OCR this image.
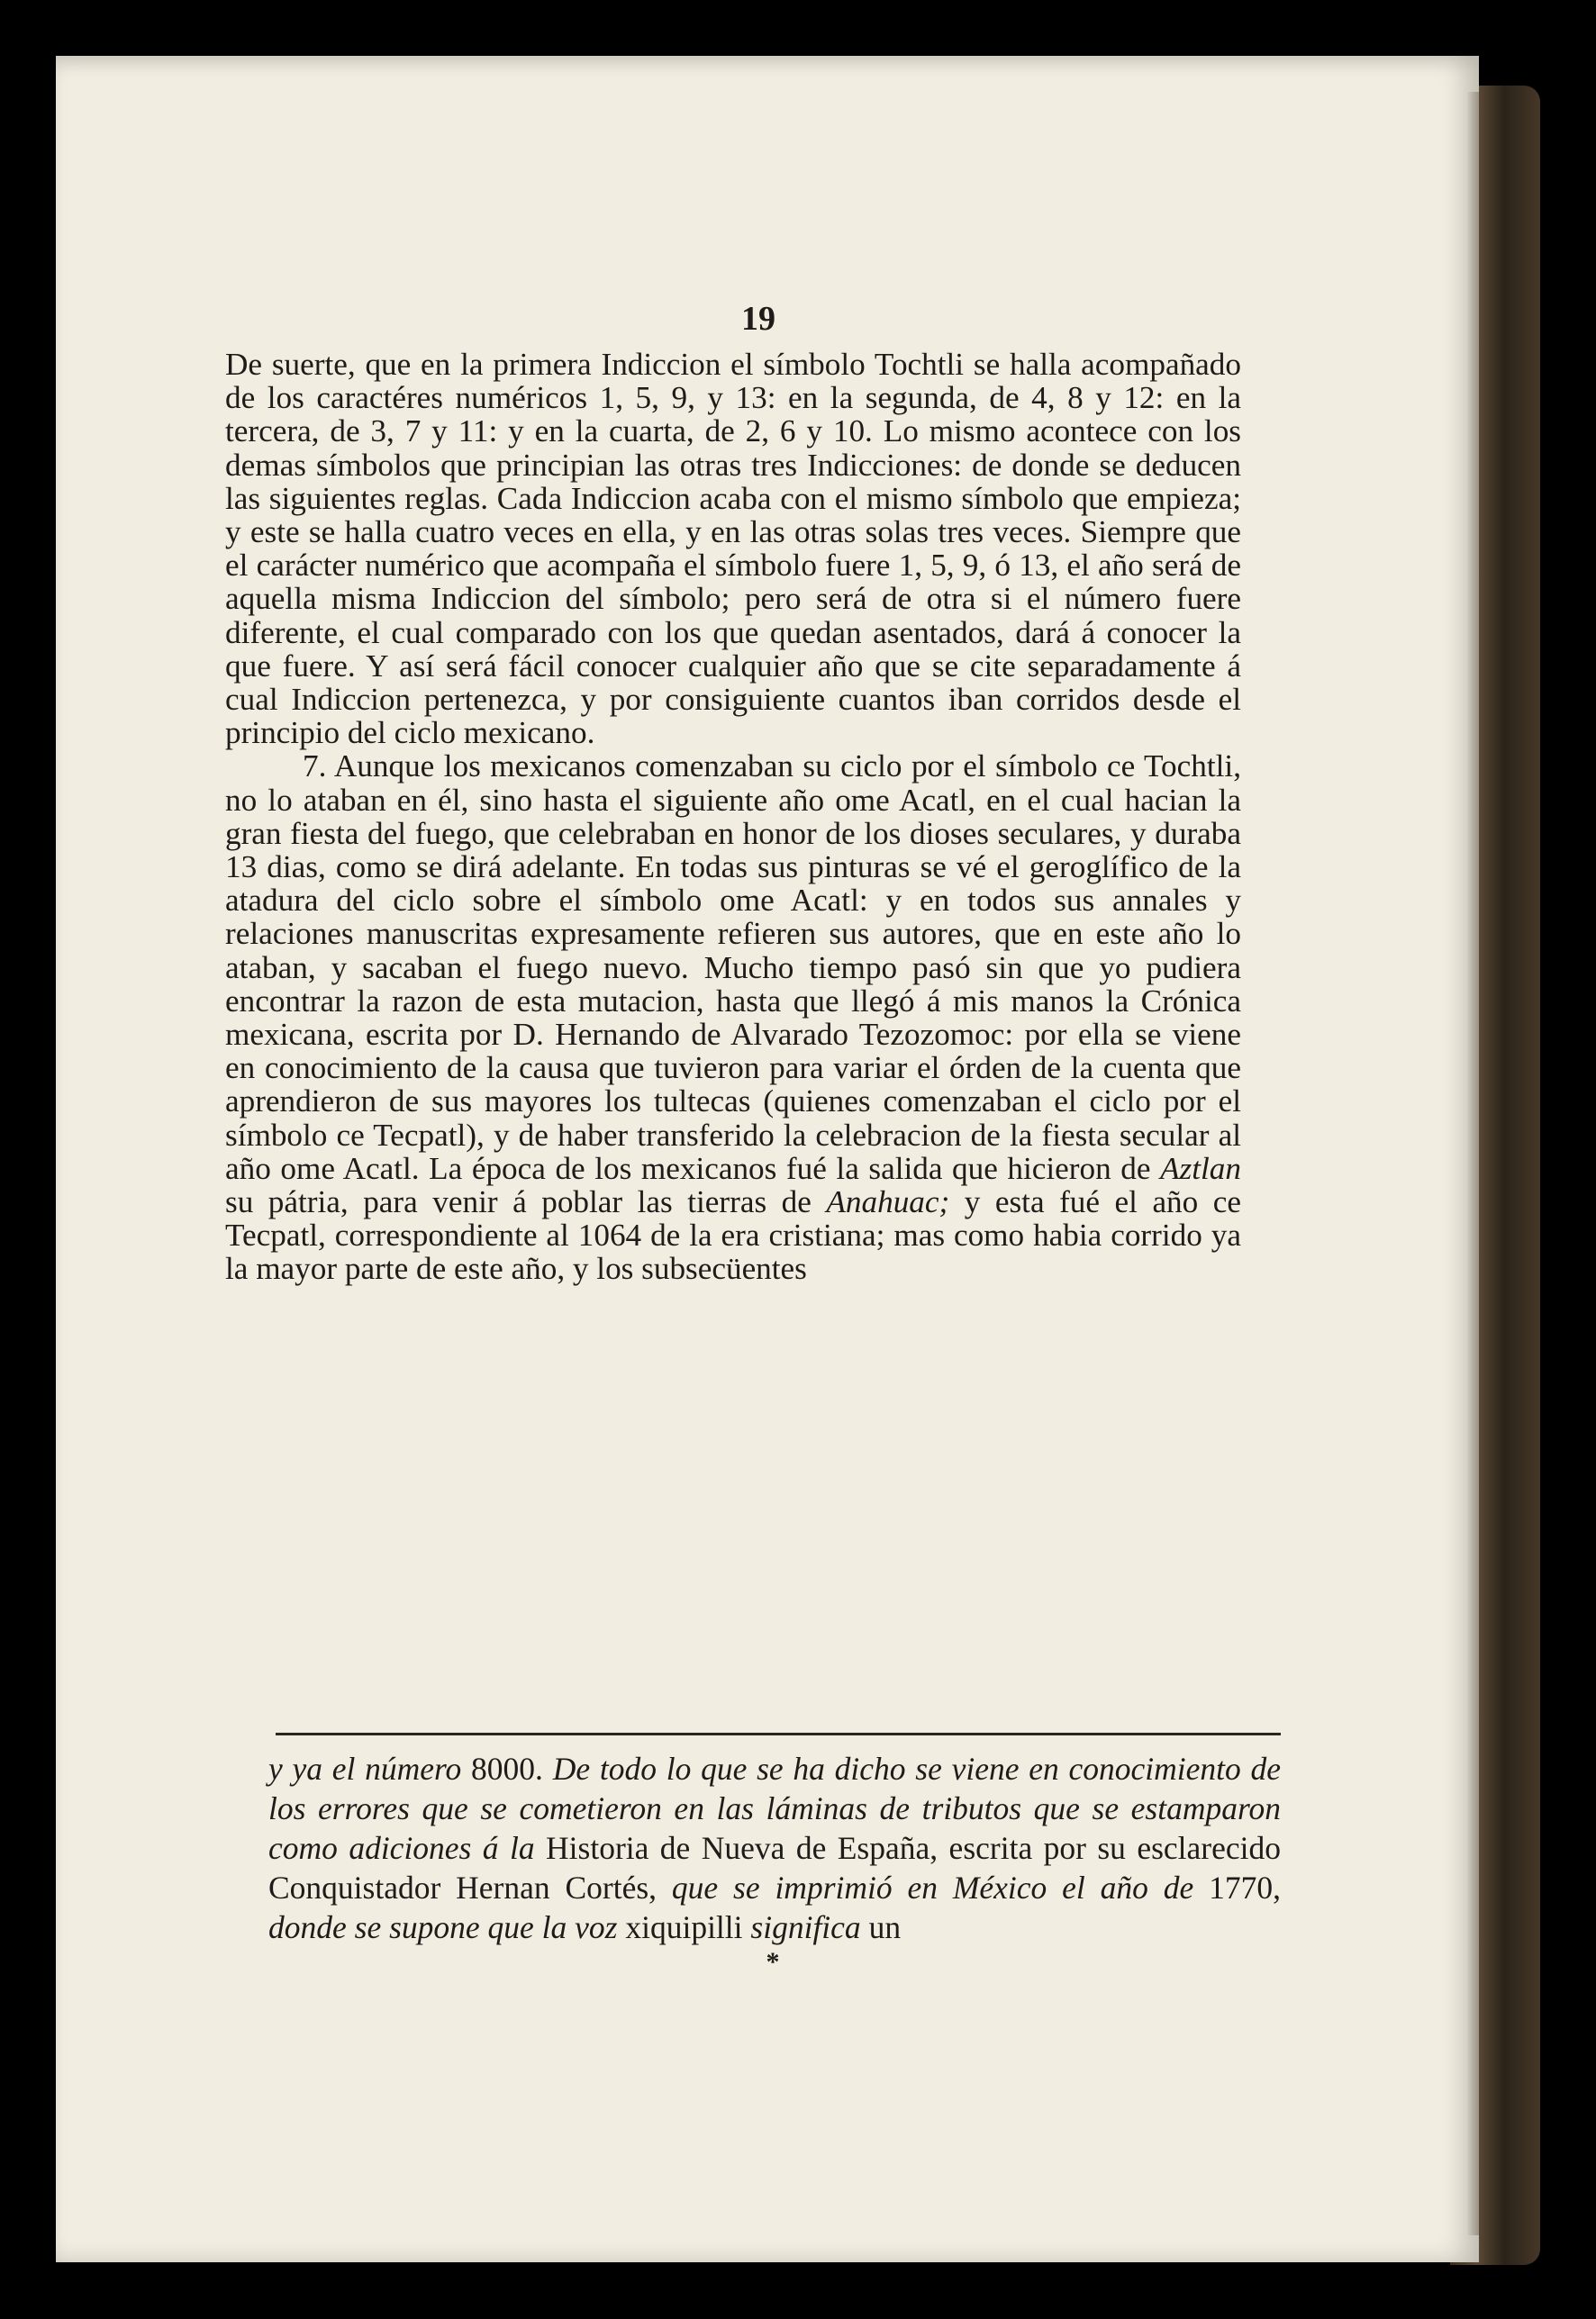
19

De suerte, que en la primera Indiccion el símbolo Tochtli se halla acompañado de los caractéres numéricos 1, 5, 9, y 13: en la segunda, de 4, 8 y 12: en la tercera, de 3, 7 y 11: y en la cuarta, de 2, 6 y 10. Lo mismo acontece con los demas símbolos que principian las otras tres Indicciones: de donde se deducen las siguientes reglas. Cada Indiccion acaba con el mismo símbolo que empieza; y este se halla cuatro veces en ella, y en las otras solas tres veces. Siempre que el carácter numérico que acompaña el símbolo fuere 1, 5, 9, ó 13, el año será de aquella misma Indiccion del símbolo; pero será de otra si el número fuere diferente, el cual comparado con los que quedan asentados, dará á conocer la que fuere. Y así será fácil conocer cualquier año que se cite separadamente á cual Indiccion pertenezca, y por consiguiente cuantos iban corridos desde el principio del ciclo mexicano.

7. Aunque los mexicanos comenzaban su ciclo por el símbolo ce Tochtli, no lo ataban en él, sino hasta el siguiente año ome Acatl, en el cual hacian la gran fiesta del fuego, que celebraban en honor de los dioses seculares, y duraba 13 dias, como se dirá adelante. En todas sus pinturas se vé el geroglífico de la atadura del ciclo sobre el símbolo ome Acatl: y en todos sus annales y relaciones manuscritas expresamente refieren sus autores, que en este año lo ataban, y sacaban el fuego nuevo. Mucho tiempo pasó sin que yo pudiera encontrar la razon de esta mutacion, hasta que llegó á mis manos la Crónica mexicana, escrita por D. Hernando de Alvarado Tezozomoc: por ella se viene en conocimiento de la causa que tuvieron para variar el órden de la cuenta que aprendieron de sus mayores los tultecas (quienes comenzaban el ciclo por el símbolo ce Tecpatl), y de haber transferido la celebracion de la fiesta secular al año ome Acatl. La época de los mexicanos fué la salida que hicieron de Aztlan su pátria, para venir á poblar las tierras de Anahuac; y esta fué el año ce Tecpatl, correspondiente al 1064 de la era cristiana; mas como habia corrido ya la mayor parte de este año, y los subsecüentes

y ya el número 8000. De todo lo que se ha dicho se viene en conocimiento de los errores que se cometieron en las láminas de tributos que se estamparon como adiciones á la Historia de Nueva de España, escrita por su esclarecido Conquistador Hernan Cortés, que se imprimió en México el año de 1770, donde se supone que la voz xiquipilli significa un

*
